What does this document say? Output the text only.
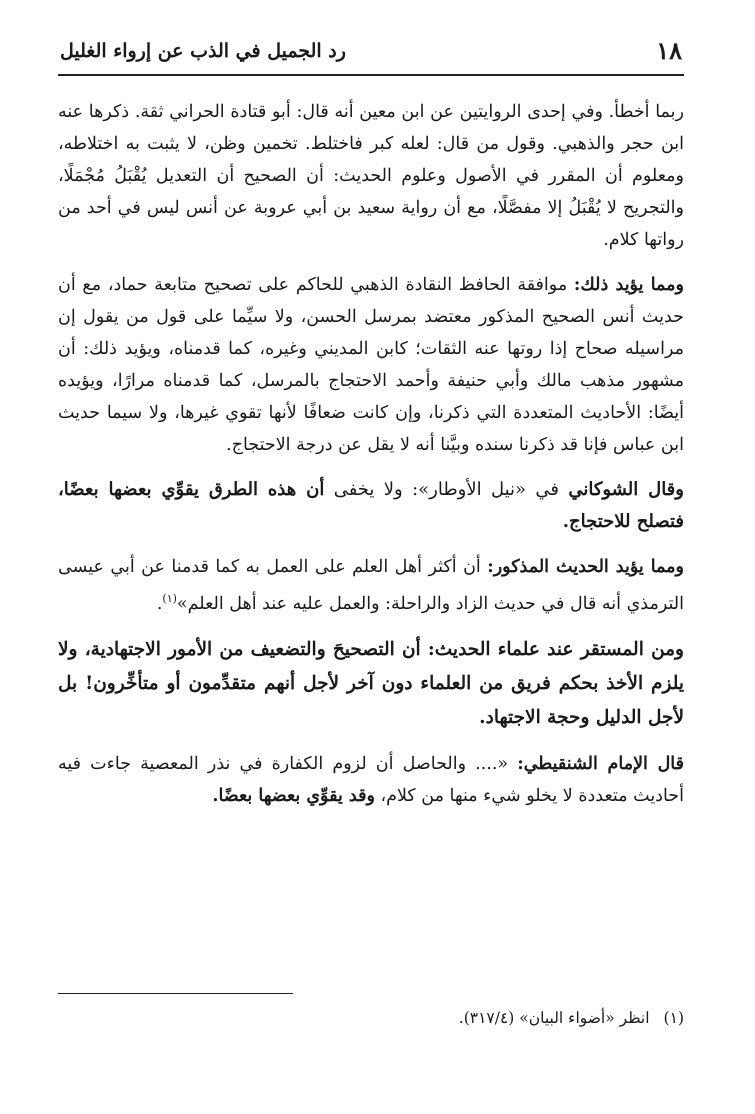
١٨
رد الجميل في الذب عن إرواء الغليل

ربما أخطأ. وفي إحدى الروايتين عن ابن معين أنه قال: أبو قتادة الحراني ثقة. ذكرها عنه ابن حجر والذهبي. وقول من قال: لعله كبر فاختلط. تخمين وظن، لا يثبت به اختلاطه، ومعلوم أن المقرر في الأصول وعلوم الحديث: أن الصحيح أن التعديل يُقْبَلُ مُجْمَلًا، والتجريح لا يُقْبَلُ إلا مفصَّلًا، مع أن رواية سعيد بن أبي عروبة عن أنس ليس في أحد من رواتها كلام.

ومما يؤيد ذلك: موافقة الحافظ النقادة الذهبي للحاكم على تصحيح متابعة حماد، مع أن حديث أنس الصحيح المذكور معتضد بمرسل الحسن، ولا سيِّما على قول من يقول إن مراسيله صحاح إذا روتها عنه الثقات؛ كابن المديني وغيره، كما قدمناه، ويؤيد ذلك: أن مشهور مذهب مالك وأبي حنيفة وأحمد الاحتجاج بالمرسل، كما قدمناه مرارًا، ويؤيده أيضًا: الأحاديث المتعددة التي ذكرنا، وإن كانت ضعافًا لأنها تقوي غيرها، ولا سيما حديث ابن عباس فإنا قد ذكرنا سنده وبيَّنا أنه لا يقل عن درجة الاحتجاج.

وقال الشوكاني في «نيل الأوطار»: ولا يخفى أن هذه الطرق يقوِّي بعضها بعضًا، فتصلح للاحتجاج.

ومما يؤيد الحديث المذكور: أن أكثر أهل العلم على العمل به كما قدمنا عن أبي عيسى الترمذي أنه قال في حديث الزاد والراحلة: والعمل عليه عند أهل العلم»$^{(١)}$.

ومن المستقر عند علماء الحديث: أن التصحيحَ والتضعيف من الأمور الاجتهادية، ولا يلزم الأخذ بحكم فريق من العلماء دون آخر لأجل أنهم متقدِّمون أو متأخِّرون! بل لأجل الدليل وحجة الاجتهاد.

قال الإمام الشنقيطي: «.... والحاصل أن لزوم الكفارة في نذر المعصية جاءت فيه أحاديث متعددة لا يخلو شيء منها من كلام، وقد يقوِّي بعضها بعضًا.

(١)انظر «أضواء البيان» (٣١٧/٤).
